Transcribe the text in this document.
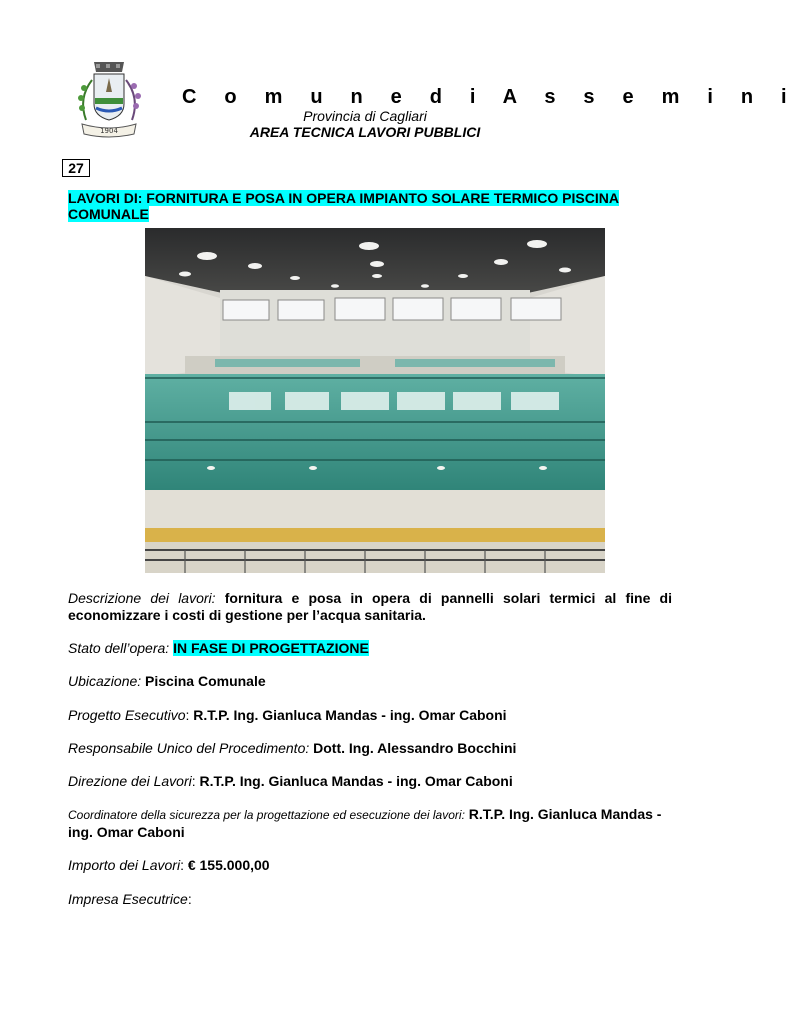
1904
C o m u n e d i A s s e m i n i
Provincia di Cagliari
AREA TECNICA LAVORI PUBBLICI
27
LAVORI DI: FORNITURA E POSA IN OPERA IMPIANTO SOLARE TERMICO PISCINA COMUNALE
Descrizione dei lavori: fornitura e posa in opera di pannelli solari termici al fine di economizzare i costi di gestione per l’acqua sanitaria.
Stato dell’opera: IN FASE DI PROGETTAZIONE
Ubicazione: Piscina Comunale
Progetto Esecutivo: R.T.P. Ing. Gianluca Mandas - ing. Omar Caboni
Responsabile Unico del Procedimento: Dott. Ing. Alessandro Bocchini
Direzione dei Lavori: R.T.P. Ing. Gianluca Mandas - ing. Omar Caboni
Coordinatore della sicurezza per la progettazione ed esecuzione dei lavori: R.T.P. Ing. Gianluca Mandas - ing. Omar Caboni
Importo dei Lavori: € 155.000,00
Impresa Esecutrice:
